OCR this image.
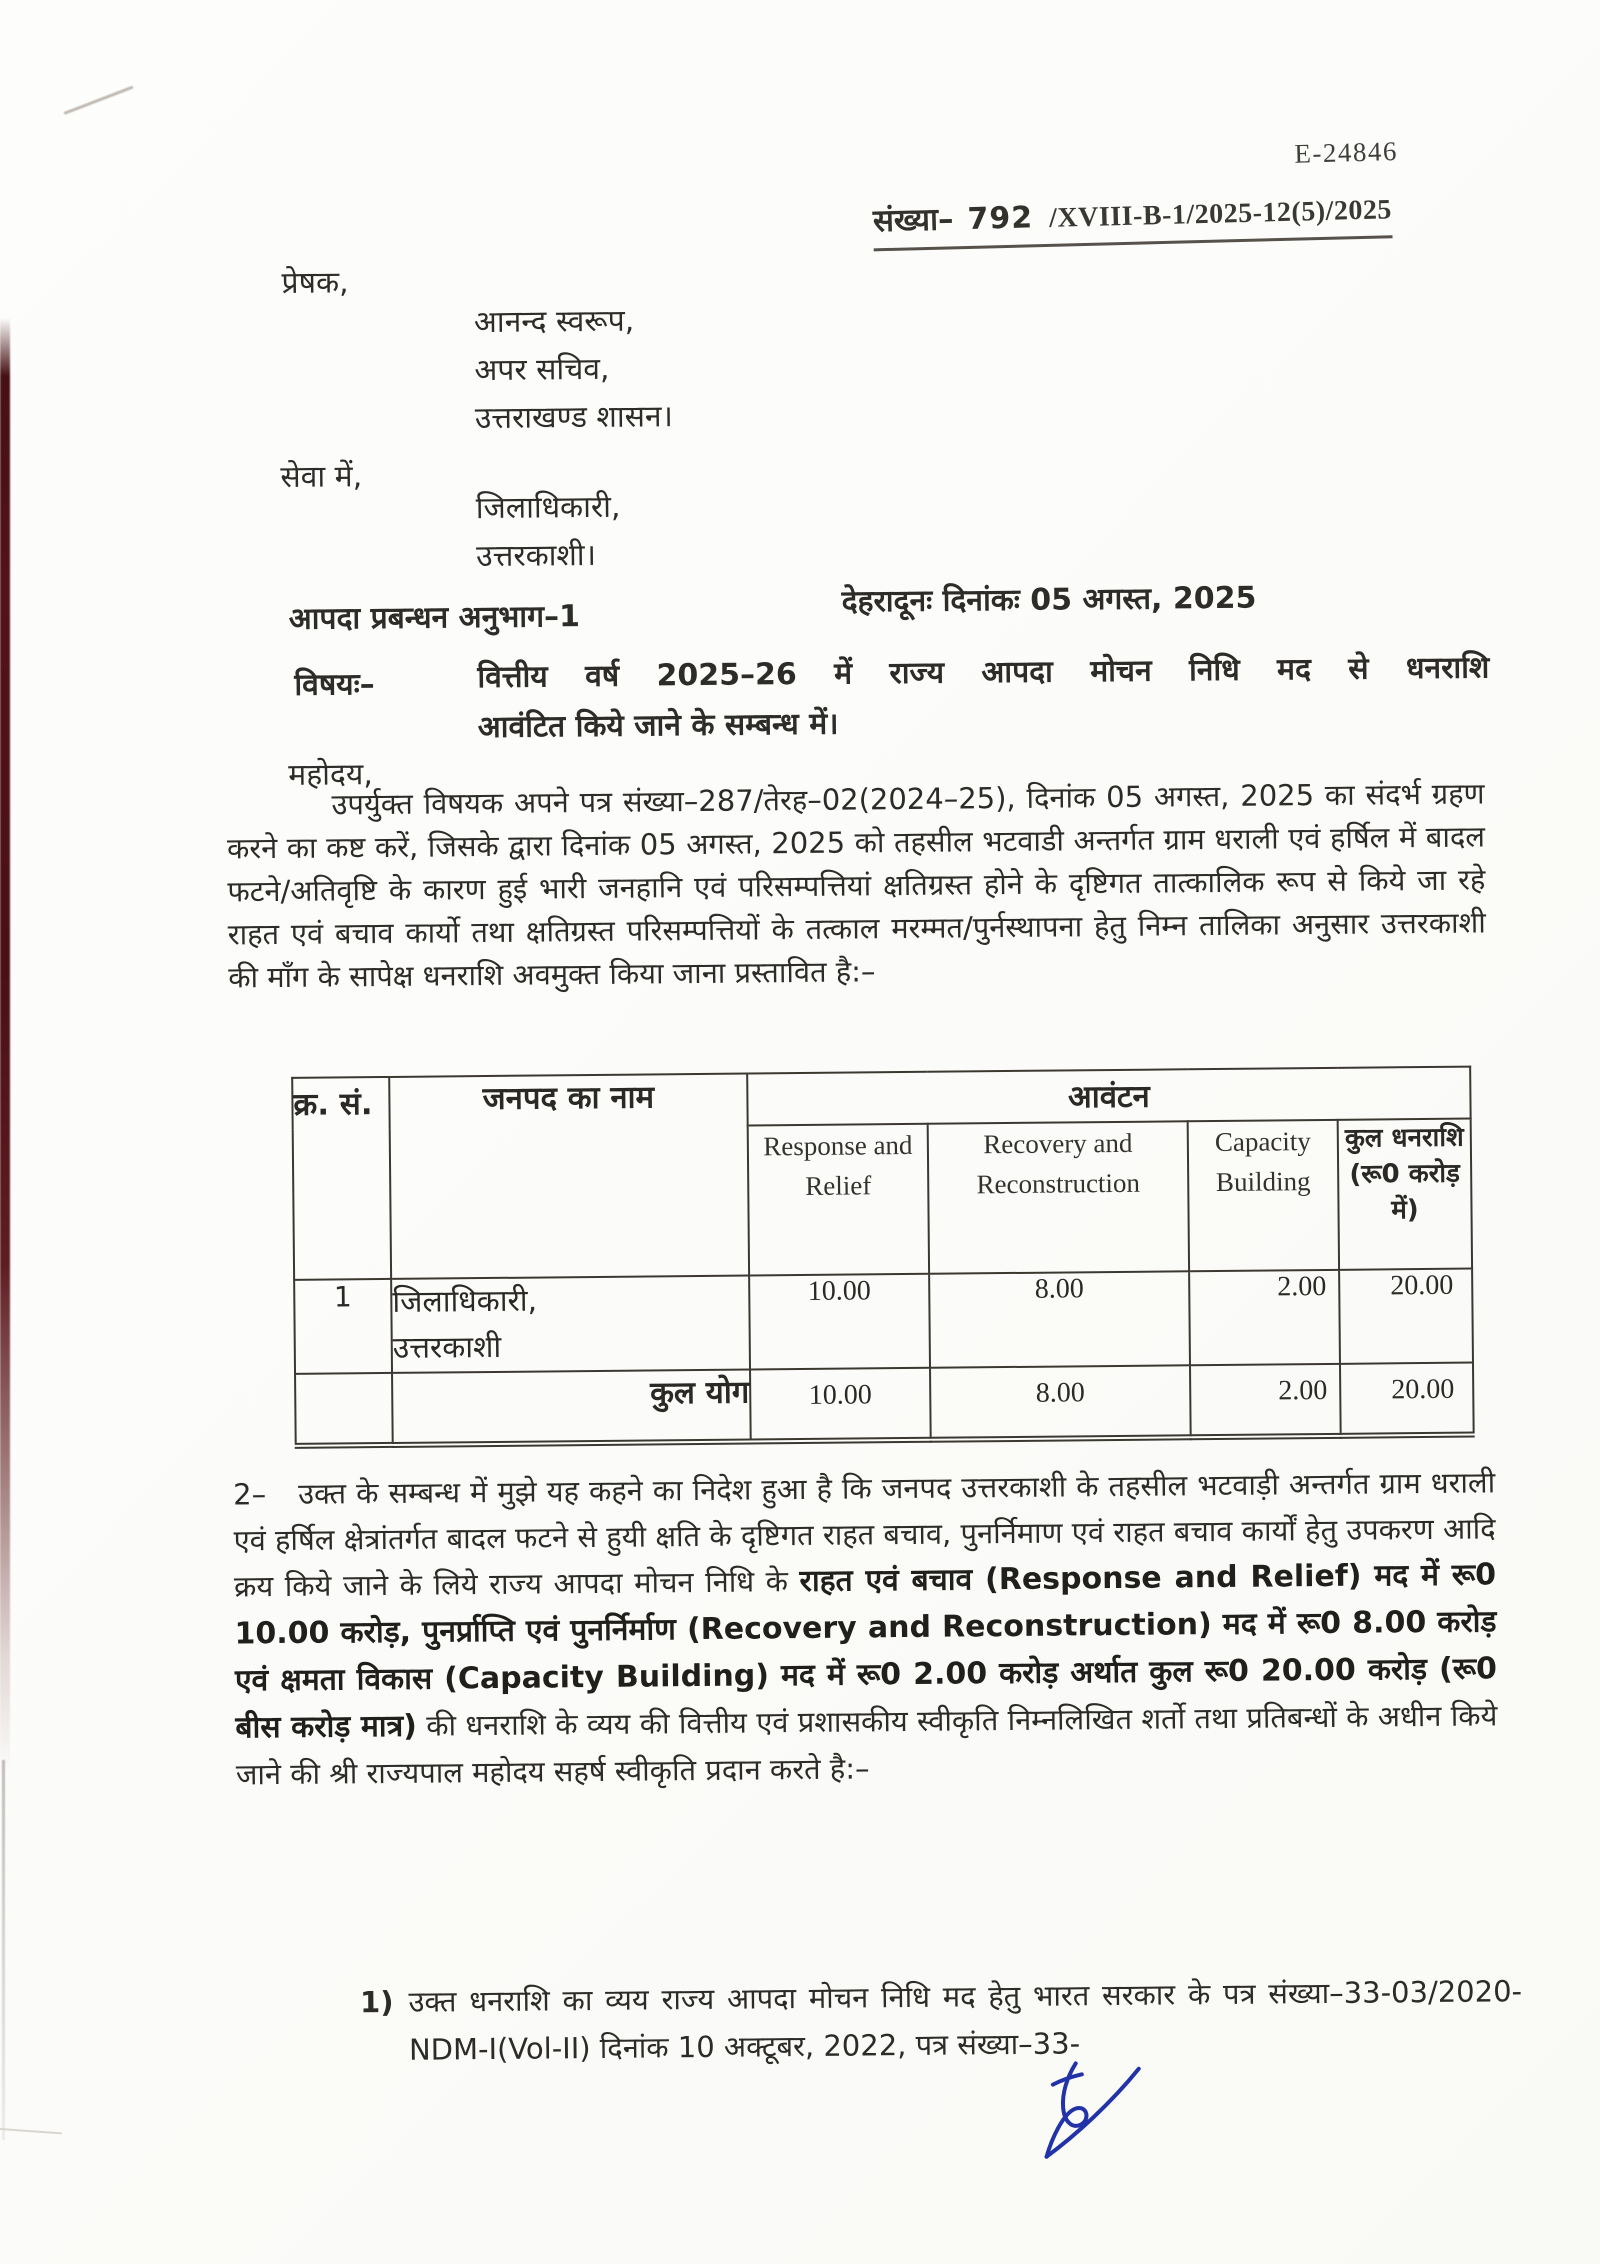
E-24846
संख्या– 792 /XVIII-B-1/2025-12(5)/2025
प्रेषक,
आनन्द स्वरूप,
अपर सचिव,
उत्तराखण्ड शासन।
सेवा में,
जिलाधिकारी,
उत्तरकाशी।
आपदा प्रबन्धन अनुभाग–1	देहरादूनः दिनांकः 05 अगस्त, 2025
विषयः–	वित्तीय वर्ष 2025–26 में राज्य आपदा मोचन निधि मद से धनराशि
आवंटित किये जाने के सम्बन्ध में।
महोदय,

उपर्युक्त विषयक अपने पत्र संख्या–287/तेरह–02(2024–25), दिनांक 05 अगस्त, 2025 का संदर्भ ग्रहण करने का कष्ट करें, जिसके द्वारा दिनांक 05 अगस्त, 2025 को तहसील भटवाडी अन्तर्गत ग्राम धराली एवं हर्षिल में बादल फटने/अतिवृष्टि के कारण हुई भारी जनहानि एवं परिसम्पत्तियां क्षतिग्रस्त होने के दृष्टिगत तात्कालिक रूप से किये जा रहे राहत एवं बचाव कार्यो तथा क्षतिग्रस्त परिसम्पत्तियों के तत्काल मरम्मत/पुर्नस्थापना हेतु निम्न तालिका अनुसार उत्तरकाशी की माँग के सापेक्ष धनराशि अवमुक्त किया जाना प्रस्तावित है:–

क्र. सं.	जनपद का नाम	आवंटन			
		Response and Relief	Recovery and Reconstruction	Capacity Building	कुल धनराशि (रू0 करोड़ में)
1	जिलाधिकारी, उत्तरकाशी	10.00	8.00	2.00	20.00
	कुल योग	10.00	8.00	2.00	20.00

2– उक्त के सम्बन्ध में मुझे यह कहने का निदेश हुआ है कि जनपद उत्तरकाशी के तहसील भटवाड़ी अन्तर्गत ग्राम धराली एवं हर्षिल क्षेत्रांतर्गत बादल फटने से हुयी क्षति के दृष्टिगत राहत बचाव, पुनर्निमाण एवं राहत बचाव कार्यों हेतु उपकरण आदि क्रय किये जाने के लिये राज्य आपदा मोचन निधि के राहत एवं बचाव (Response and Relief) मद में रू0 10.00 करोड़, पुनर्प्राप्ति एवं पुनर्निर्माण (Recovery and Reconstruction) मद में रू0 8.00 करोड़ एवं क्षमता विकास (Capacity Building) मद में रू0 2.00 करोड़ अर्थात कुल रू0 20.00 करोड़ (रू0 बीस करोड़ मात्र) की धनराशि के व्यय की वित्तीय एवं प्रशासकीय स्वीकृति निम्नलिखित शर्तो तथा प्रतिबन्धों के अधीन किये जाने की श्री राज्यपाल महोदय सहर्ष स्वीकृति प्रदान करते है:–

1) उक्त धनराशि का व्यय राज्य आपदा मोचन निधि मद हेतु भारत सरकार के पत्र संख्या–33-03/2020-NDM-I(Vol-II) दिनांक 10 अक्टूबर, 2022, पत्र संख्या–33-
